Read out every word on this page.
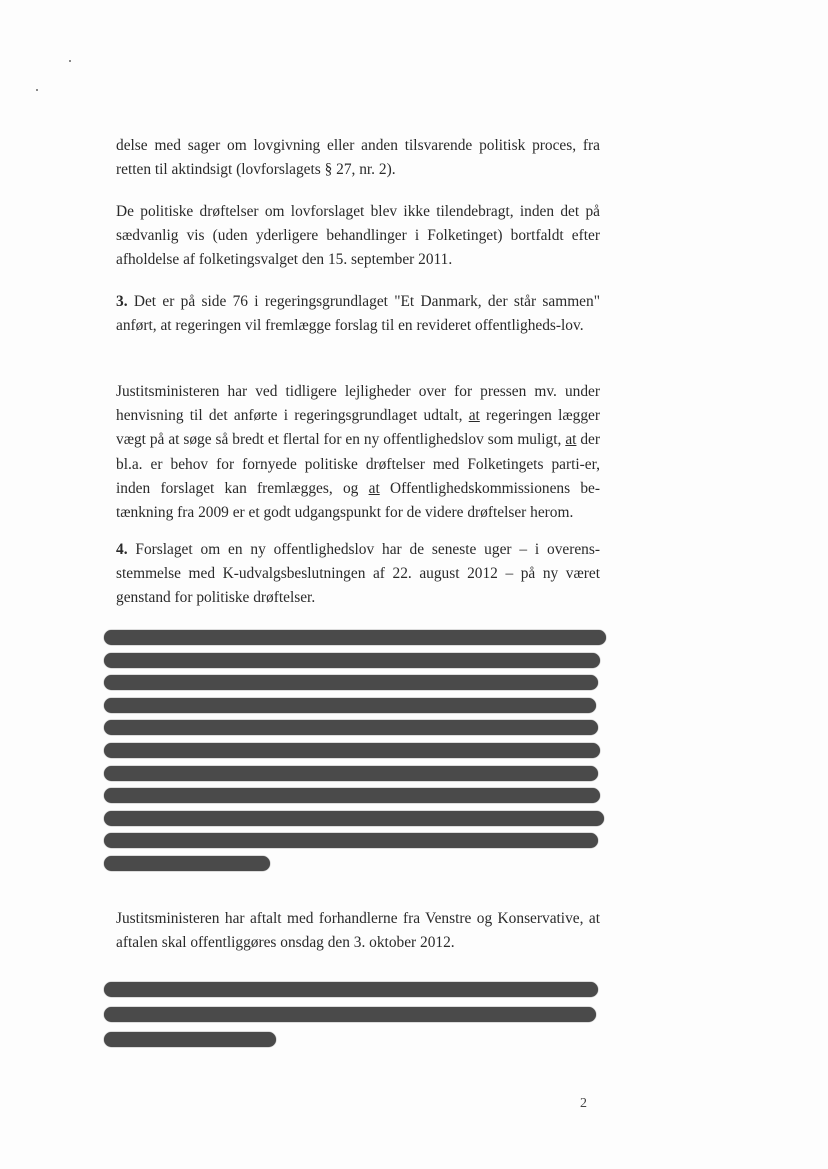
delse med sager om lovgivning eller anden tilsvarende politisk proces, fra retten til aktindsigt (lovforslagets § 27, nr. 2).

De politiske drøftelser om lovforslaget blev ikke tilendebragt, inden det på sædvanlig vis (uden yderligere behandlinger i Folketinget) bortfaldt efter afholdelse af folketingsvalget den 15. september 2011.

3. Det er på side 76 i regeringsgrundlaget "Et Danmark, der står sammen" anført, at regeringen vil fremlægge forslag til en revideret offentligheds-lov.

Justitsministeren har ved tidligere lejligheder over for pressen mv. under henvisning til det anførte i regeringsgrundlaget udtalt, at regeringen lægger vægt på at søge så bredt et flertal for en ny offentlighedslov som muligt, at der bl.a. er behov for fornyede politiske drøftelser med Folketingets parti-er, inden forslaget kan fremlægges, og at Offentlighedskommissionens be-tænkning fra 2009 er et godt udgangspunkt for de videre drøftelser herom.

4. Forslaget om en ny offentlighedslov har de seneste uger – i overens-stemmelse med K-udvalgsbeslutningen af 22. august 2012 – på ny været genstand for politiske drøftelser.

Justitsministeren har aftalt med forhandlerne fra Venstre og Konservative, at aftalen skal offentliggøres onsdag den 3. oktober 2012.

2
